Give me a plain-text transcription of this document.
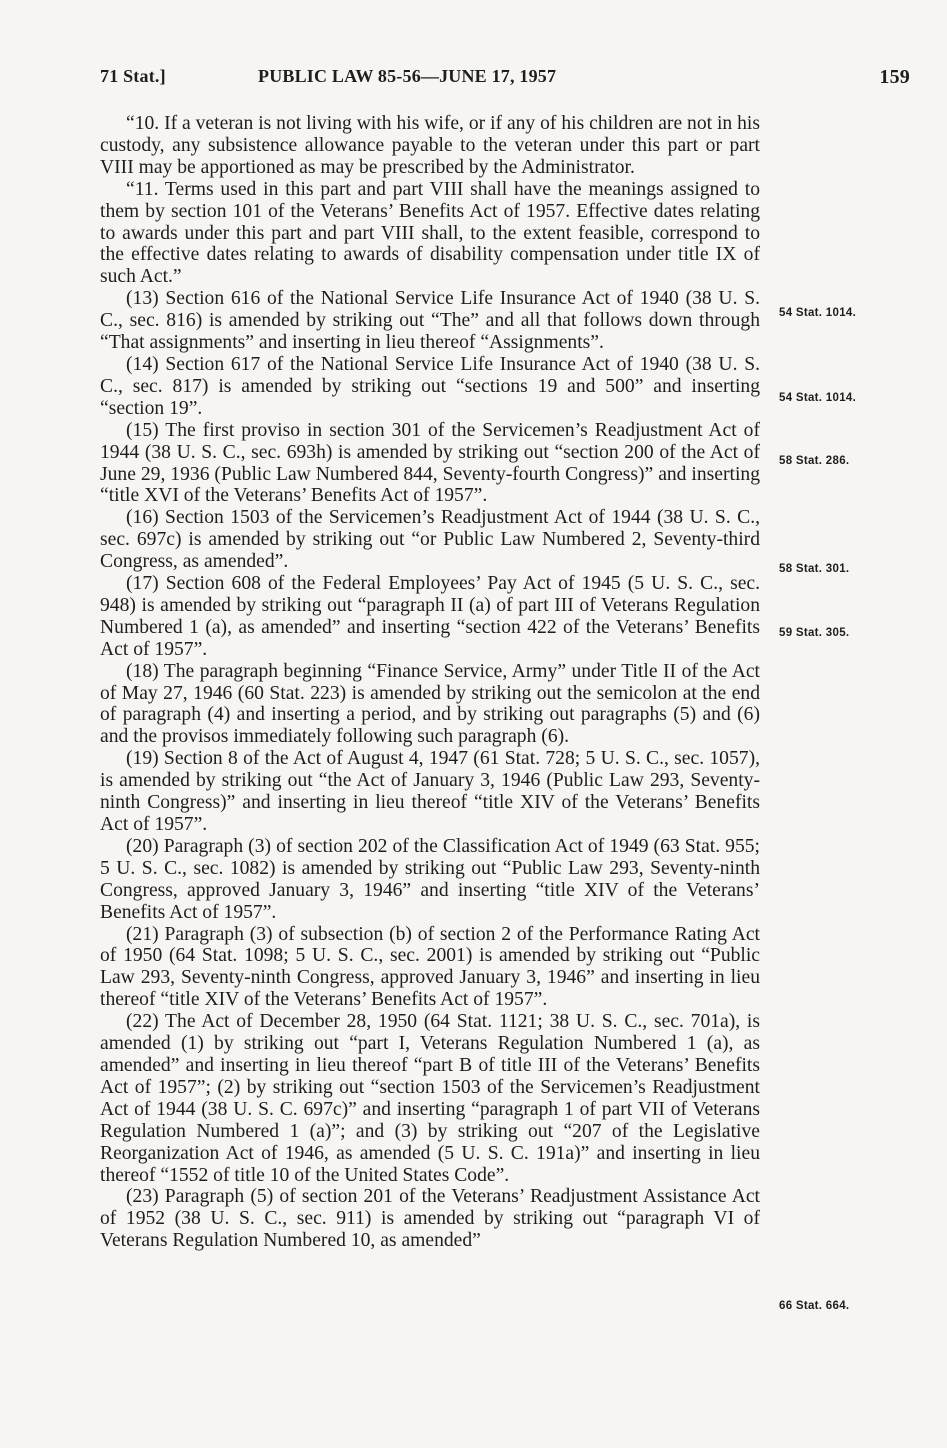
71 Stat.]	PUBLIC LAW 85-56—JUNE 17, 1957	159

“10. If a veteran is not living with his wife, or if any of his children are not in his custody, any subsistence allowance payable to the veteran under this part or part VIII may be apportioned as may be prescribed by the Administrator.

“11. Terms used in this part and part VIII shall have the meanings assigned to them by section 101 of the Veterans’ Benefits Act of 1957. Effective dates relating to awards under this part and part VIII shall, to the extent feasible, correspond to the effective dates relating to awards of disability compensation under title IX of such Act.”

(13) Section 616 of the National Service Life Insurance Act of 1940 (38 U. S. C., sec. 816) is amended by striking out “The” and all that follows down through “That assignments” and inserting in lieu thereof “Assignments”.

(14) Section 617 of the National Service Life Insurance Act of 1940 (38 U. S. C., sec. 817) is amended by striking out “sections 19 and 500” and inserting “section 19”.

(15) The first proviso in section 301 of the Servicemen’s Readjustment Act of 1944 (38 U. S. C., sec. 693h) is amended by striking out “section 200 of the Act of June 29, 1936 (Public Law Numbered 844, Seventy-fourth Congress)” and inserting “title XVI of the Veterans’ Benefits Act of 1957”.

(16) Section 1503 of the Servicemen’s Readjustment Act of 1944 (38 U. S. C., sec. 697c) is amended by striking out “or Public Law Numbered 2, Seventy-third Congress, as amended”.

(17) Section 608 of the Federal Employees’ Pay Act of 1945 (5 U. S. C., sec. 948) is amended by striking out “paragraph II (a) of part III of Veterans Regulation Numbered 1 (a), as amended” and inserting “section 422 of the Veterans’ Benefits Act of 1957”.

(18) The paragraph beginning “Finance Service, Army” under Title II of the Act of May 27, 1946 (60 Stat. 223) is amended by striking out the semicolon at the end of paragraph (4) and inserting a period, and by striking out paragraphs (5) and (6) and the provisos immediately following such paragraph (6).

(19) Section 8 of the Act of August 4, 1947 (61 Stat. 728; 5 U. S. C., sec. 1057), is amended by striking out “the Act of January 3, 1946 (Public Law 293, Seventy-ninth Congress)” and inserting in lieu thereof “title XIV of the Veterans’ Benefits Act of 1957”.

(20) Paragraph (3) of section 202 of the Classification Act of 1949 (63 Stat. 955; 5 U. S. C., sec. 1082) is amended by striking out “Public Law 293, Seventy-ninth Congress, approved January 3, 1946” and inserting “title XIV of the Veterans’ Benefits Act of 1957”.

(21) Paragraph (3) of subsection (b) of section 2 of the Performance Rating Act of 1950 (64 Stat. 1098; 5 U. S. C., sec. 2001) is amended by striking out “Public Law 293, Seventy-ninth Congress, approved January 3, 1946” and inserting in lieu thereof “title XIV of the Veterans’ Benefits Act of 1957”.

(22) The Act of December 28, 1950 (64 Stat. 1121; 38 U. S. C., sec. 701a), is amended (1) by striking out “part I, Veterans Regulation Numbered 1 (a), as amended” and inserting in lieu thereof “part B of title III of the Veterans’ Benefits Act of 1957”; (2) by striking out “section 1503 of the Servicemen’s Readjustment Act of 1944 (38 U. S. C. 697c)” and inserting “paragraph 1 of part VII of Veterans Regulation Numbered 1 (a)”; and (3) by striking out “207 of the Legislative Reorganization Act of 1946, as amended (5 U. S. C. 191a)” and inserting in lieu thereof “1552 of title 10 of the United States Code”.

(23) Paragraph (5) of section 201 of the Veterans’ Readjustment Assistance Act of 1952 (38 U. S. C., sec. 911) is amended by striking out “paragraph VI of Veterans Regulation Numbered 10, as amended”

54 Stat. 1014.
54 Stat. 1014.
58 Stat. 286.
58 Stat. 301.
59 Stat. 305.
66 Stat. 664.
